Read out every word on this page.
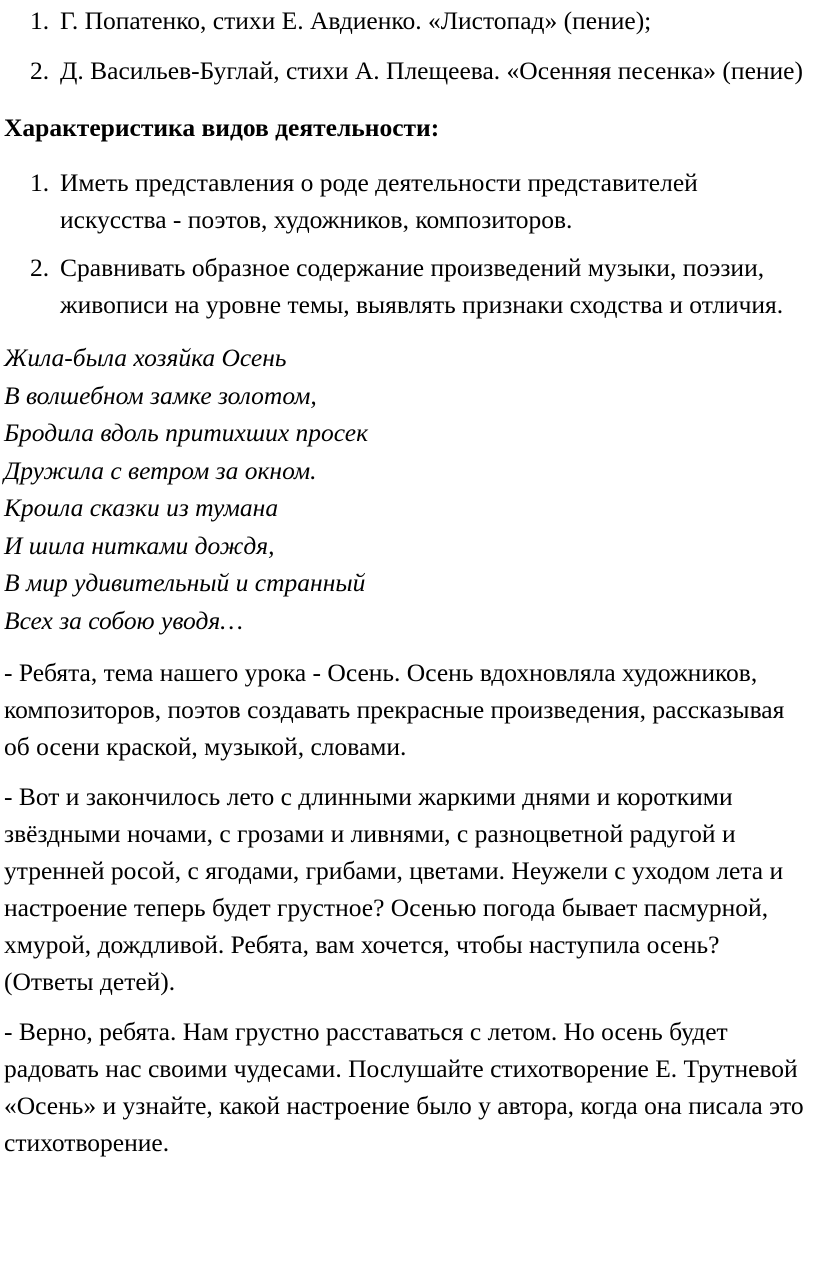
1. Г. Попатенко, стихи Е. Авдиенко. «Листопад» (пение);
2. Д. Васильев-Буглай, стихи А. Плещеева. «Осенняя песенка» (пение)

Характеристика видов деятельности:

1. Иметь представления о роде деятельности представителей искусства - поэтов, художников, композиторов.
2. Сравнивать образное содержание произведений музыки, поэзии, живописи на уровне темы, выявлять признаки сходства и отличия.
Жила-была хозяйка Осень
В волшебном замке золотом,
Бродила вдоль притихших просек
Дружила с ветром за окном.
Кроила сказки из тумана
И шила нитками дождя,
В мир удивительный и странный
Всех за собою уводя…

- Ребята, тема нашего урока - Осень. Осень вдохновляла художников, композиторов, поэтов создавать прекрасные произведения, рассказывая об осени краской, музыкой, словами.

- Вот и закончилось лето с длинными жаркими днями и короткими звёздными ночами, с грозами и ливнями, с разноцветной радугой и утренней росой, с ягодами, грибами, цветами. Неужели с уходом лета и настроение теперь будет грустное? Осенью погода бывает пасмурной, хмурой, дождливой. Ребята, вам хочется, чтобы наступила осень? (Ответы детей).

- Верно, ребята. Нам грустно расставаться с летом. Но осень будет радовать нас своими чудесами. Послушайте стихотворение Е. Трутневой «Осень» и узнайте, какой настроение было у автора, когда она писала это стихотворение.
